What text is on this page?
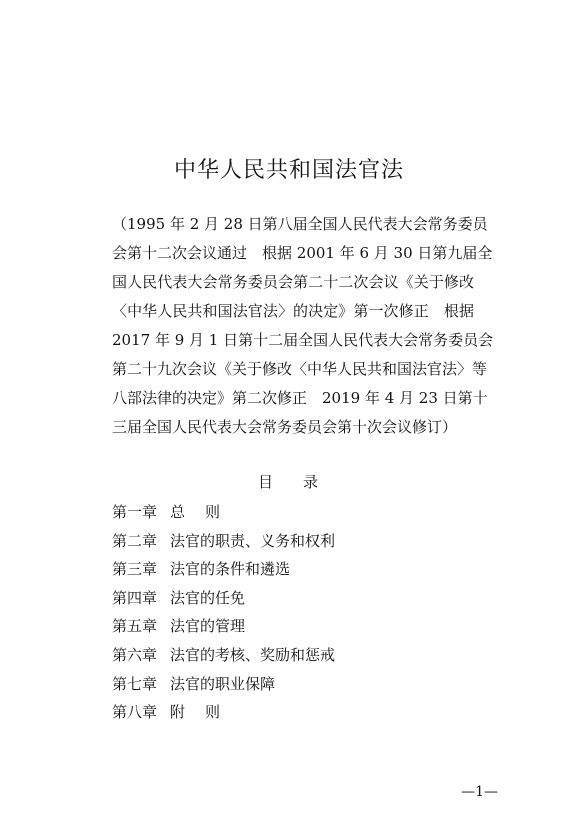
中华人民共和国法官法
（1995 年 2 月 28 日第八届全国人民代表大会常务委员
会第十二次会议通过　根据 2001 年 6 月 30 日第九届全
国人民代表大会常务委员会第二十二次会议《关于修改
〈中华人民共和国法官法〉的决定》第一次修正　根据
2017 年 9 月 1 日第十二届全国人民代表大会常务委员会
第二十九次会议《关于修改〈中华人民共和国法官法〉等
八部法律的决定》第二次修正　2019 年 4 月 23 日第十
三届全国人民代表大会常务委员会第十次会议修订）
目 录
第一章 总则
第二章 法官的职责、义务和权利
第三章 法官的条件和遴选
第四章 法官的任免
第五章 法官的管理
第六章 法官的考核、奖励和惩戒
第七章 法官的职业保障
第八章 附则
—1—
